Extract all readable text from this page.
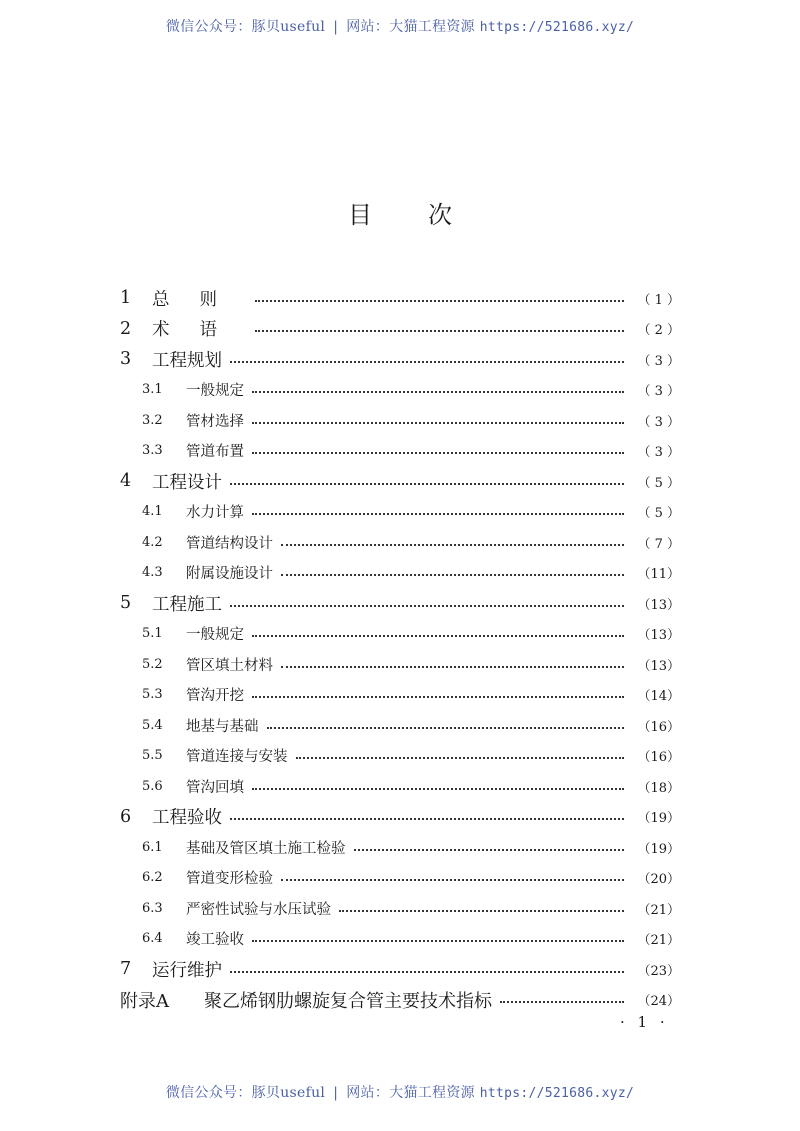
微信公众号：豚贝useful | 网站：大猫工程资源 https://521686.xyz/
目次
1	总则	（ 1 ）
2	术语	（ 2 ）
3	工程规划	（ 3 ）
3.1	一般规定	（ 3 ）
3.2	管材选择	（ 3 ）
3.3	管道布置	（ 3 ）
4	工程设计	（ 5 ）
4.1	水力计算	（ 5 ）
4.2	管道结构设计	（ 7 ）
4.3	附属设施设计	（11）
5	工程施工	（13）
5.1	一般规定	（13）
5.2	管区填土材料	（13）
5.3	管沟开挖	（14）
5.4	地基与基础	（16）
5.5	管道连接与安装	（16）
5.6	管沟回填	（18）
6	工程验收	（19）
6.1	基础及管区填土施工检验	（19）
6.2	管道变形检验	（20）
6.3	严密性试验与水压试验	（21）
6.4	竣工验收	（21）
7	运行维护	（23）
附录A	聚乙烯钢肋螺旋复合管主要技术指标	（24）
· 1 ·
微信公众号：豚贝useful | 网站：大猫工程资源 https://521686.xyz/
